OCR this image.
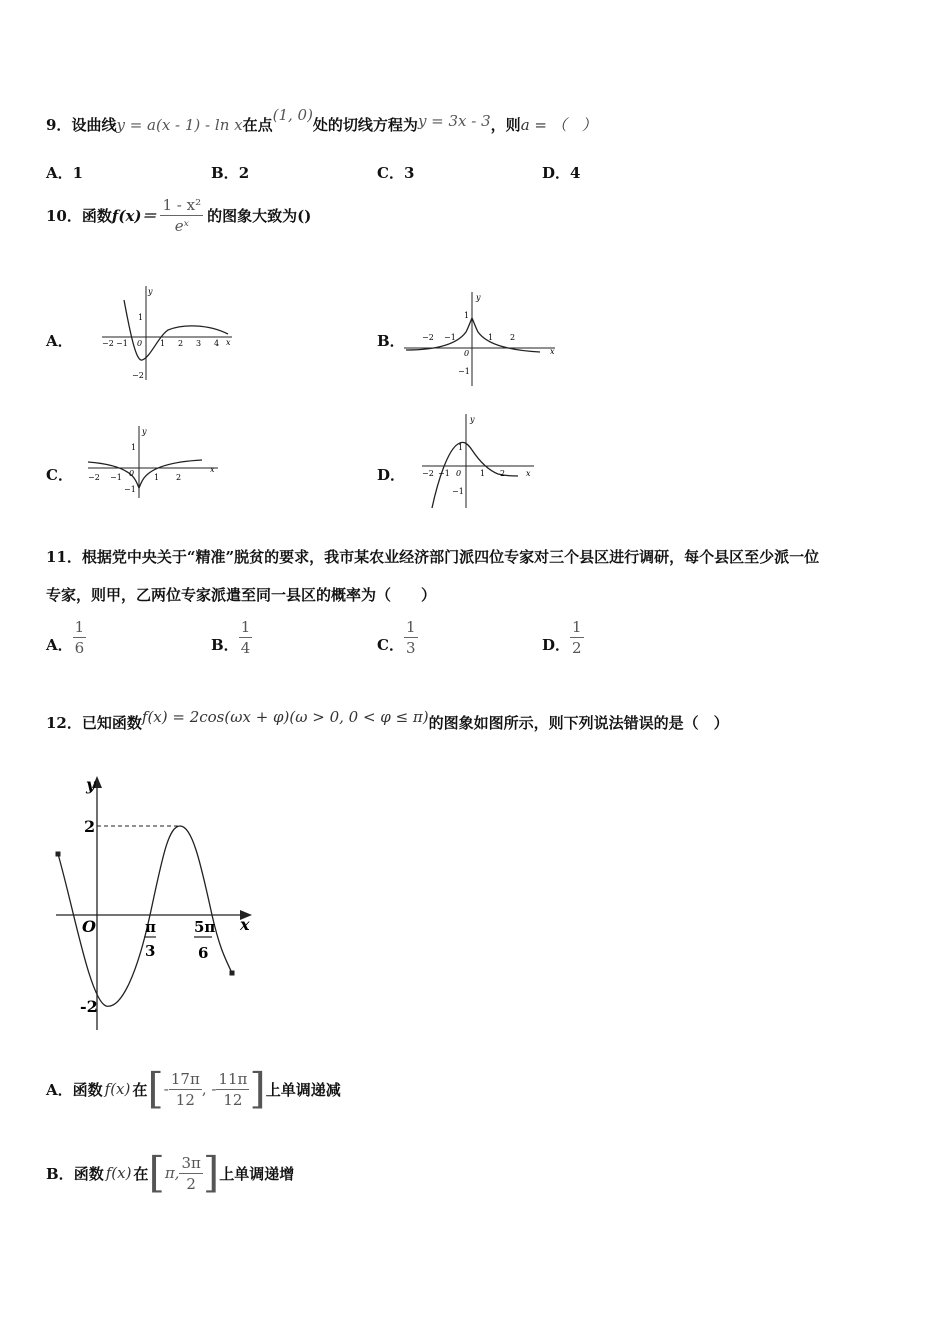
9．设曲线y = a(x - 1) - ln x在点(1, 0)处的切线方程为y = 3x - 3，则a = （　）
A．1	B．2	C．3	D．4
10． 函数 $f(x)= \frac{\text{1 - x²}}{\text{eˣ}}$ 的图象大致为()
A．
y
x
−2 −1 0 1 2 3 4
1
−2
B．
y
x
−2 −1
0
1 2
1
−1
C．
y
x
−2 −1 0 1 2
1
−1
D．
y
x
−2 −1 0 1 2
1
−1
11．根据党中央关于“精准”脱贫的要求，我市某农业经济部门派四位专家对三个县区进行调研，每个县区至少派一位
专家，则甲，乙两位专家派遣至同一县区的概率为（　　）
A． $\frac{1}{6}$	B． $\frac{1}{4}$	C． $\frac{1}{3}$	D． $\frac{1}{2}$
12．已知函数f(x) = 2cos(ωx + φ)(ω > 0, 0 < φ ≤ π)的图象如图所示，则下列说法错误的是（　）
y
x
O
2
-2
π
3
5π
6
A． 函数 f(x) 在 [ - $\frac{17\pi}{12}$ , - $\frac{11\pi}{12}$ ] 上单调递减
B． 函数 f(x) 在 [ π, $\frac{3\pi}{2}$ ] 上单调递增
